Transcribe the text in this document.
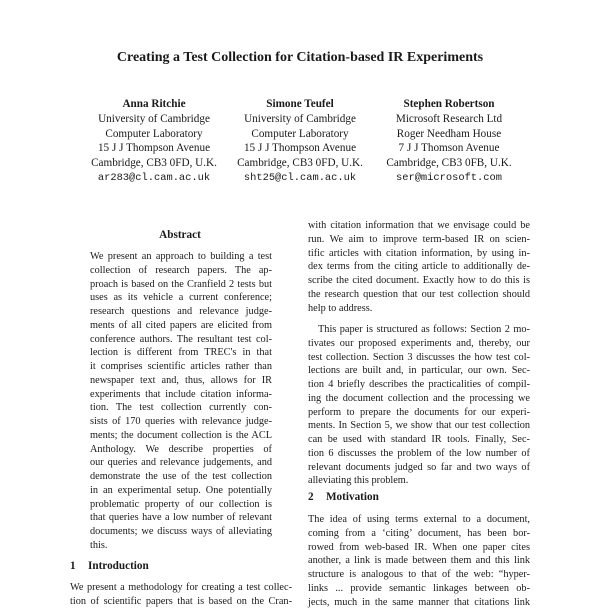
Creating a Test Collection for Citation-based IR Experiments
Anna Ritchie
University of Cambridge
Computer Laboratory
15 J J Thompson Avenue
Cambridge, CB3 0FD, U.K.
ar283@cl.cam.ac.uk
Simone Teufel
University of Cambridge
Computer Laboratory
15 J J Thompson Avenue
Cambridge, CB3 0FD, U.K.
sht25@cl.cam.ac.uk
Stephen Robertson
Microsoft Research Ltd
Roger Needham House
7 J J Thomson Avenue
Cambridge, CB3 0FB, U.K.
ser@microsoft.com
Abstract
We present an approach to building a test
collection of research papers. The ap-
proach is based on the Cranfield 2 tests but
uses as its vehicle a current conference;
research questions and relevance judge-
ments of all cited papers are elicited from
conference authors. The resultant test col-
lection is different from TREC's in that
it comprises scientific articles rather than
newspaper text and, thus, allows for IR
experiments that include citation informa-
tion. The test collection currently con-
sists of 170 queries with relevance judge-
ments; the document collection is the ACL
Anthology. We describe properties of
our queries and relevance judgements, and
demonstrate the use of the test collection
in an experimental setup. One potentially
problematic property of our collection is
that queries have a low number of relevant
documents; we discuss ways of alleviating
this.
1 Introduction
We present a methodology for creating a test collec-
tion of scientific papers that is based on the Cran-
with citation information that we envisage could be
run. We aim to improve term-based IR on scien-
tific articles with citation information, by using in-
dex terms from the citing article to additionally de-
scribe the cited document. Exactly how to do this is
the research question that our test collection should
help to address.
This paper is structured as follows: Section 2 mo-
tivates our proposed experiments and, thereby, our
test collection. Section 3 discusses the how test col-
lections are built and, in particular, our own. Sec-
tion 4 briefly describes the practicalities of compil-
ing the document collection and the processing we
perform to prepare the documents for our experi-
ments. In Section 5, we show that our test collection
can be used with standard IR tools. Finally, Sec-
tion 6 discusses the problem of the low number of
relevant documents judged so far and two ways of
alleviating this problem.
2 Motivation
The idea of using terms external to a document,
coming from a ‘citing’ document, has been bor-
rowed from web-based IR. When one paper cites
another, a link is made between them and this link
structure is analogous to that of the web: “hyper-
links ... provide semantic linkages between ob-
jects, much in the same manner that citations link
